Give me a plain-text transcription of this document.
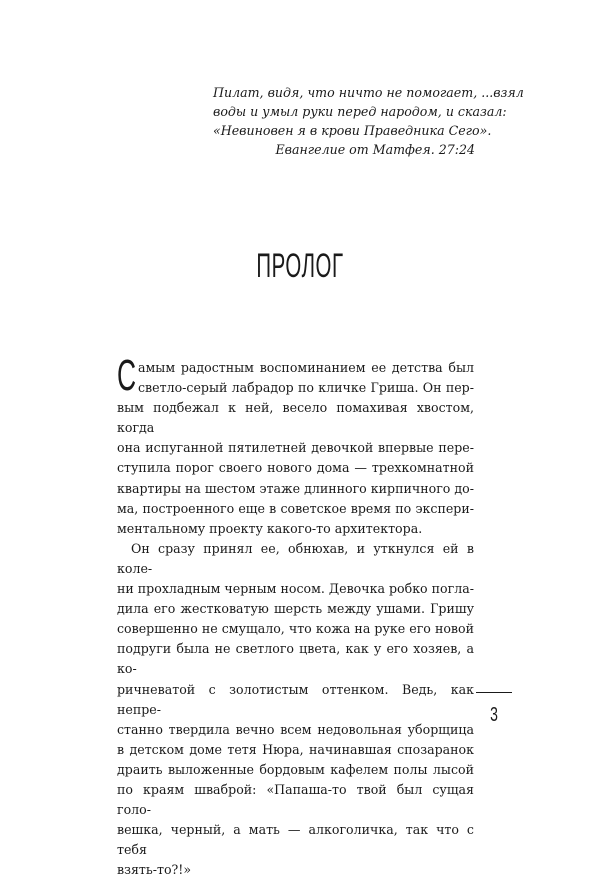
Пилат, видя, что ничто не помогает, ...взял
воды и умыл руки перед народом, и сказал:
«Невиновен я в крови Праведника Сего».
Евангелие от Матфея. 27:24
ПРОЛОГ
С амым радостным воспоминанием ее детства был
светло-серый лабрадор по кличке Гриша. Он пер-
вым подбежал к ней, весело помахивая хвостом, когда
она испуганной пятилетней девочкой впервые пере-
ступила порог своего нового дома — трехкомнатной
квартиры на шестом этаже длинного кирпичного до-
ма, построенного еще в советское время по экспери-
ментальному проекту какого-то архитектора.
Он сразу принял ее, обнюхав, и уткнулся ей в коле-
ни прохладным черным носом. Девочка робко погла-
дила его жестковатую шерсть между ушами. Гришу
совершенно не смущало, что кожа на руке его новой
подруги была не светлого цвета, как у его хозяев, а ко-
ричневатой с золотистым оттенком. Ведь, как непре-
станно твердила вечно всем недовольная уборщица
в детском доме тетя Нюра, начинавшая спозаранок
драить выложенные бордовым кафелем полы лысой
по краям шваброй: «Папаша-то твой был сущая голо-
вешка, черный, а мать — алкоголичка, так что с тебя
взять-то?!»
3
